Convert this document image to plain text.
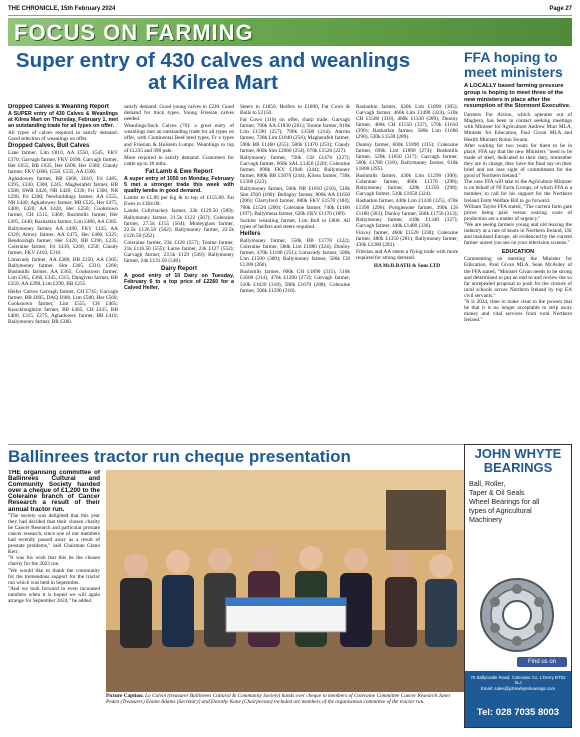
THE CHRONICLE, 15th February 2024	Page 27
FOCUS ON FARMING
Super entry of 430 calves and weanlings at Kilrea Mart
Dropped Calves & Weanling Report

A SUPER entry of 430 Calves & Weanlings at Kilrea Mart on Thursday, February 1, met an outstanding trade for all types on offer.

All types of calves required to satisfy demand. Good selection of weanlings on offer.

Dropped Calves, Bull Calves

Lane farmer, Lim £810, AA £550, £545, FKV £370; Garvagh farmer, FKV £690; Garvagh farmer, Her £655, BB £635, Her £600, Her £580; Claudy farmer, FKV £600, £550, £535, AA £500.

Aghadowey farmer, BB £600, £610, Fri £485, £395, £330, £300, £245; Magherafelt farmer, BB £580, SWR £420, NR £420, £330, Fri £300, NR £290, Fri £200; Newbuildings farmer, AA £555, NR £440; Aghadowey farmer, BB £525, Her £475, £400, £420, AA £420, Her £250; Cookstown farmer, CH £515, £460; Bushmills farmer, Her £495, £440; Rasharkin farmer, Lim £480, AA £385.

Ballymoney farmer, AA £490, FKV £135, AA £320; Armoy farmer, AA £475, Her £400, £325; Bendooragh farmer, Her £420, BB £390, £235; Coleraine farmer, Fri £410, £260, £250; Claudy farmer, FKV £410, £310.

Limavady farmer, AA £380, BB £250, AA £305; Ballymoney farmer, Sim £365, £310, £260; Bushmills farmer, AA £365; Cookstown farmer, Lim £365, £360, £345, £315; Dungiven farmer, BB £350, AA £290, Lim £290, BB £255.

Heifer Calves Garvagh farmer, CH £745; Garvagh farmer, BB £695, DAQ £600, Lim £580, Her £560; Cookstown farmer, Lim £555, CH £465; Knockloughrim farmer, BB £465, CH £435, BB £400, £315, £275; Aghadowey farmer, BB £410; Ballymoney farmer, BB £380.

satisfy demand. Good young calves to £220. Good demand for thick types. Young Friesian calves needed.

Weanlings/Suck Calves (70): a great entry of weanlings met an outstanding trade for all types on offer, with Continental Beef bred types, Fr x types and Friesian & Holstein Lumps. Weanlings to top of £1235 and 390 pale.

More required to satisfy demand. Customers for cattle up to 18 mths.

Fat Lamb & Ewe Report

A super entry of 1050 on Monday, February 5 met a stronger trade this week with quality lambs in good demand.

Lambs to £1.89 per Kg & to top of £155.00. Fat Ewes to £164.00.

Lambs Cullybackey farmer, 22k £129.50 (589); Ballymoney farmer, 21.5k £122 (567); Coleraine farmer, 27.5k £155 (564); Moneyglass farmer, 22.5k £126.50 (562); Ballymoney farmer, 22.5k £126.50 (562).

Coleraine farmer, 23k £128 (557); Toome farmer, 21k £116.50 (555); Larne farmer, 23k £127 (552); Garvagh farmer, 23.5k £129 (549); Ballymoney farmer, 24k £131.50 (548).

Dairy Report

A good entry of 10 Dairy on Tuesday, February 6 to a top price of £2260 for a Calved Heifer.

Steers to £1850, Heifers to £1890, Fat Cows & Bulls to £2150.

Fat Cows (110) on offer, sharp trade. Garvagh farmer, 700k AA £1830 (261); Toome farmer, 810k Lim £1590 (257); 790k £1500 (214); Antrim farmer, 720k Lim £1840 (256); Magherafelt farmer, 590k BB £1460 (255); 580k £1470 (253); Claudy farmer, 800k Sim £2060 (254), 670k £1520 (227).

Ballymoney farmer, 720k CH £1470 (227); Garvagh farmer, 660k SAL £1450 (220); Coleraine farmer, 890k FKV £1940 (244); Ballymoney farmer, 800k BB £1870 (244); Kilrea farmer, 730k £1300 (223).

Ballymoney farmer, 500k NR £1050 (210), 510k Sim £920 (180); Bellaghy farmer, 800k AA £1650 (206); Glarryford farmer, 880k FKV £1570 (184), 760k £1520 (200); Coleraine farmer, 740k £1460 (197); Ballymena farmer, 620k FKV £1170 (189).

Suckler weanling farmer, Lim Bull to £800. All types of heifers and steers required.

Heifers

Ballymoney farmer, 550k BB £1770 (322); Coleraine farmer, 580k Lim £1880 (324); Dunloy farmer, 470k £1180 (251); Limavady farmer, 500k Lim £1500 (300); Ballymoney farmer, 500k CH £1300 (260).

Bushmills farmer, 600k CH £1890 (315), 510k £1600 (314), 470k £1280 (272); Garvagh farmer, 510k £1620 (318), 580k £1670 (288); Coleraine farmer, 500k £1590 (318).

Rasharkin farmer, 620k Lim £1890 (305); Garvagh farmer, 460k Lim £1490 (324), 510k CH £1580 (310), 460k £1330 (289); Dunloy farmer, 460k CH £1550 (337), 570k £1650 (290); Rasharkin farmer, 580k Lim £1680 (290), 530k £1530 (289).

Dunloy farmer, 600k £1890 (315); Coleraine farmer, 690k Lim £1890 (274); Bushmills farmer, 520k £1650 (317); Garvagh farmer, 560k £1780 (318); Ballymoney farmer, 610k £1800 (295).

Bushmills farmer, 430k Lim £1290 (300); Coleraine farmer, 460k £1370 (298); Ballymoney farmer, 420k £1250 (298); Garvagh farmer, 510k £1650 (324).

Rasharkin farmer, 440k Lim £1430 (325), 470k £1390 (296); Portglenone farmer, 390k CH £1180 (303); Dunloy farmer, 560k £1750 (313); Ballymoney farmer, 410k £1340 (327); Garvagh farmer, 440k £1480 (336).

Finvoy farmer, 460k £1520 (330); Coleraine farmer, 480k £1350 (281); Ballymoney farmer, 430k £1260 (293).

Friesian and AA steers a flying trade with more required for strong demand.

HA McILRATH & Sons LTD

FFA hoping to meet ministers
A LOCALLY based farming pressure group is hoping to meet three of the new ministers in place after the resumption of the Stormont Executive.

Farmers For Action, which operates out of Maghera, has been in contact seeking meetings with Minister for Agriculture Andrew Muir MLA, Minister for Education, Paul Givan MLA and Health Minister Robin Swann.

After waiting for two years for them to be in place, FFA say that the new Ministers "need to be made of steel, dedicated to their duty, remember they are in charge, they have the final say on their brief and not lose sight of commitment for the good of Northern Ireland."

The case FFA will take to the Agriculture Minister is on behalf of NI Farm Groups, of which FFA is a member, to call for his support for the Northern Ireland Farm Welfare Bill to go forward.

William Taylor FFA stated, "The current farm gate prices being paid versus soaring costs of production are a matter of urgency."

"We are seeing farmers young and old leaving the industry at a rate of knots in Northern Ireland, UK and mainland Europe, all evidenced by the current farmer unrest you see on your television screens."

EDUCATION

Commenting on meeting the Minister for Education, Paul Givan MLA, Sean McAuley of the FFA stated, "Minister Givan needs to be strong and determined to put an end to and review the so far unrepealed proposal to push for the closure of rural schools across Northern Ireland by top EA civil servants."

"It is 2024, time to make clear to the powers that be that it is no longer acceptable to strip away money and vital services from rural Northern Ireland."

Ballinrees tractor run cheque presentation

THE organising committee of Ballinrees Cultural and Community Society handed over a cheque of £1,200 to the Coleraine branch of Cancer Research a result of their annual tractor run.

"The society was delighted that this year they had decided that their chosen charity be Cancer Research and particular prostate cancer research, since one of our members had recently passed away as a result of prostate problems," said Chairman Glenn Kerr.

"It was his wish that this be the chosen charity for the 2023 run.

"We would like to thank the community for the tremendous support for the tractor run which was held in September.

"And we look forward to even increased numbers when it is hoped we will again arrange for September 2024," he added.

Picture Caption: Lo Calvin (treasurer Ballinrees Cultural & Community Society) hands over cheque to members of Coleraine Committee Cancer Research Janet Peden (Treasurer) Elaine Adams (Secretary) and Dorothy Kane (Chairperson) included are members of the organisation committee of the tractor run.

JOHN WHYTE BEARINGS
Ball, Roller,
Taper & Oil Seals
Wheel Bearings for all
types of Agricultural
Machinery
Find us on
75 Ballycastle Road, Coleraine Co. L'Derry BT52 2LJ
Email: sales@johnwhytebearings.com
Tel: 028 7035 8003
